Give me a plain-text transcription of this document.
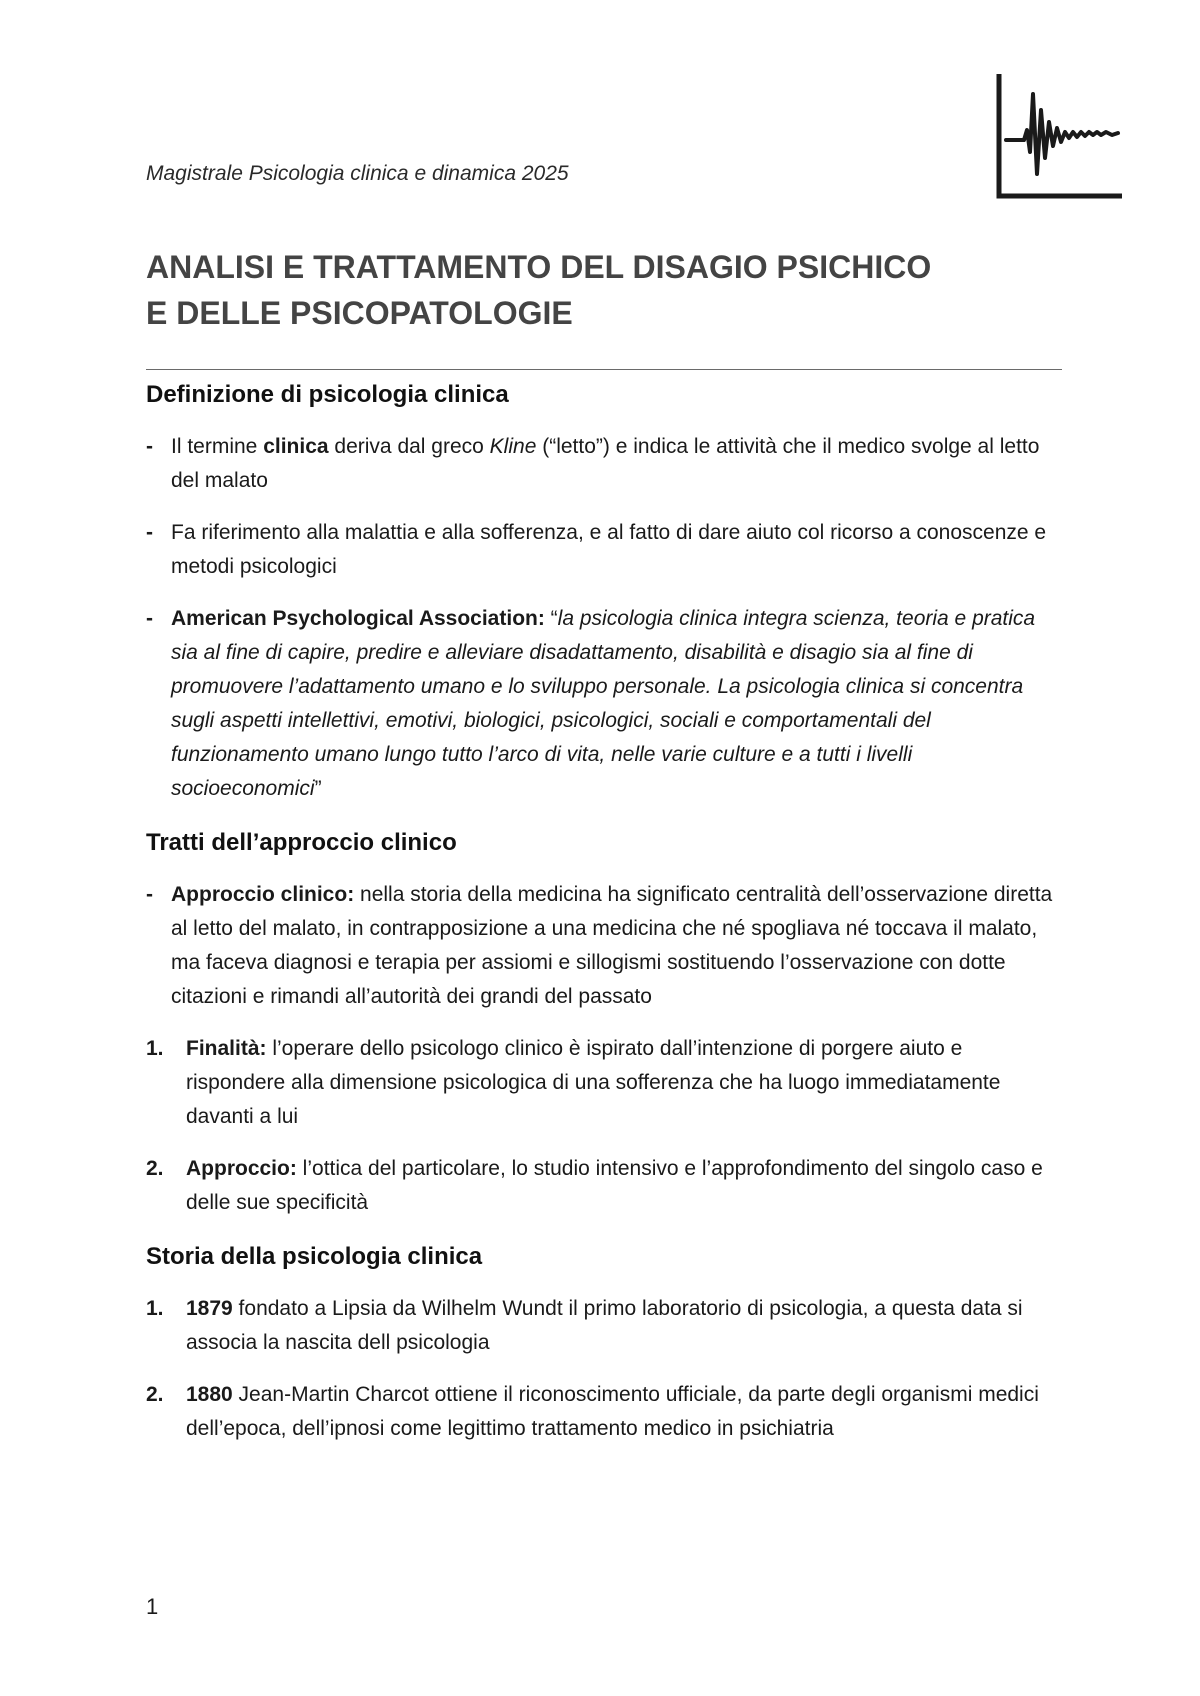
Magistrale Psicologia clinica e dinamica 2025
ANALISI E TRATTAMENTO DEL DISAGIO PSICHICO
E DELLE PSICOPATOLOGIE
Definizione di psicologia clinica
- Il termine clinica deriva dal greco Kline (“letto”) e indica le attività che il medico svolge al letto del malato
- Fa riferimento alla malattia e alla sofferenza, e al fatto di dare aiuto col ricorso a conoscenze e metodi psicologici
- American Psychological Association: “la psicologia clinica integra scienza, teoria e pratica sia al fine di capire, predire e alleviare disadattamento, disabilità e disagio sia al fine di promuovere l’adattamento umano e lo sviluppo personale. La psicologia clinica si concentra sugli aspetti intellettivi, emotivi, biologici, psicologici, sociali e comportamentali del funzionamento umano lungo tutto l’arco di vita, nelle varie culture e a tutti i livelli socioeconomici”
Tratti dell’approccio clinico
- Approccio clinico: nella storia della medicina ha significato centralità dell’osservazione diretta al letto del malato, in contrapposizione a una medicina che né spogliava né toccava il malato, ma faceva diagnosi e terapia per assiomi e sillogismi sostituendo l’osservazione con dotte citazioni e rimandi all’autorità dei grandi del passato
1. Finalità: l’operare dello psicologo clinico è ispirato dall’intenzione di porgere aiuto e rispondere alla dimensione psicologica di una sofferenza che ha luogo immediatamente davanti a lui
2. Approccio: l’ottica del particolare, lo studio intensivo e l’approfondimento del singolo caso e delle sue specificità
Storia della psicologia clinica
1. 1879 fondato a Lipsia da Wilhelm Wundt il primo laboratorio di psicologia, a questa data si associa la nascita dell psicologia
2. 1880 Jean-Martin Charcot ottiene il riconoscimento ufficiale, da parte degli organismi medici dell’epoca, dell’ipnosi come legittimo trattamento medico in psichiatria
1
